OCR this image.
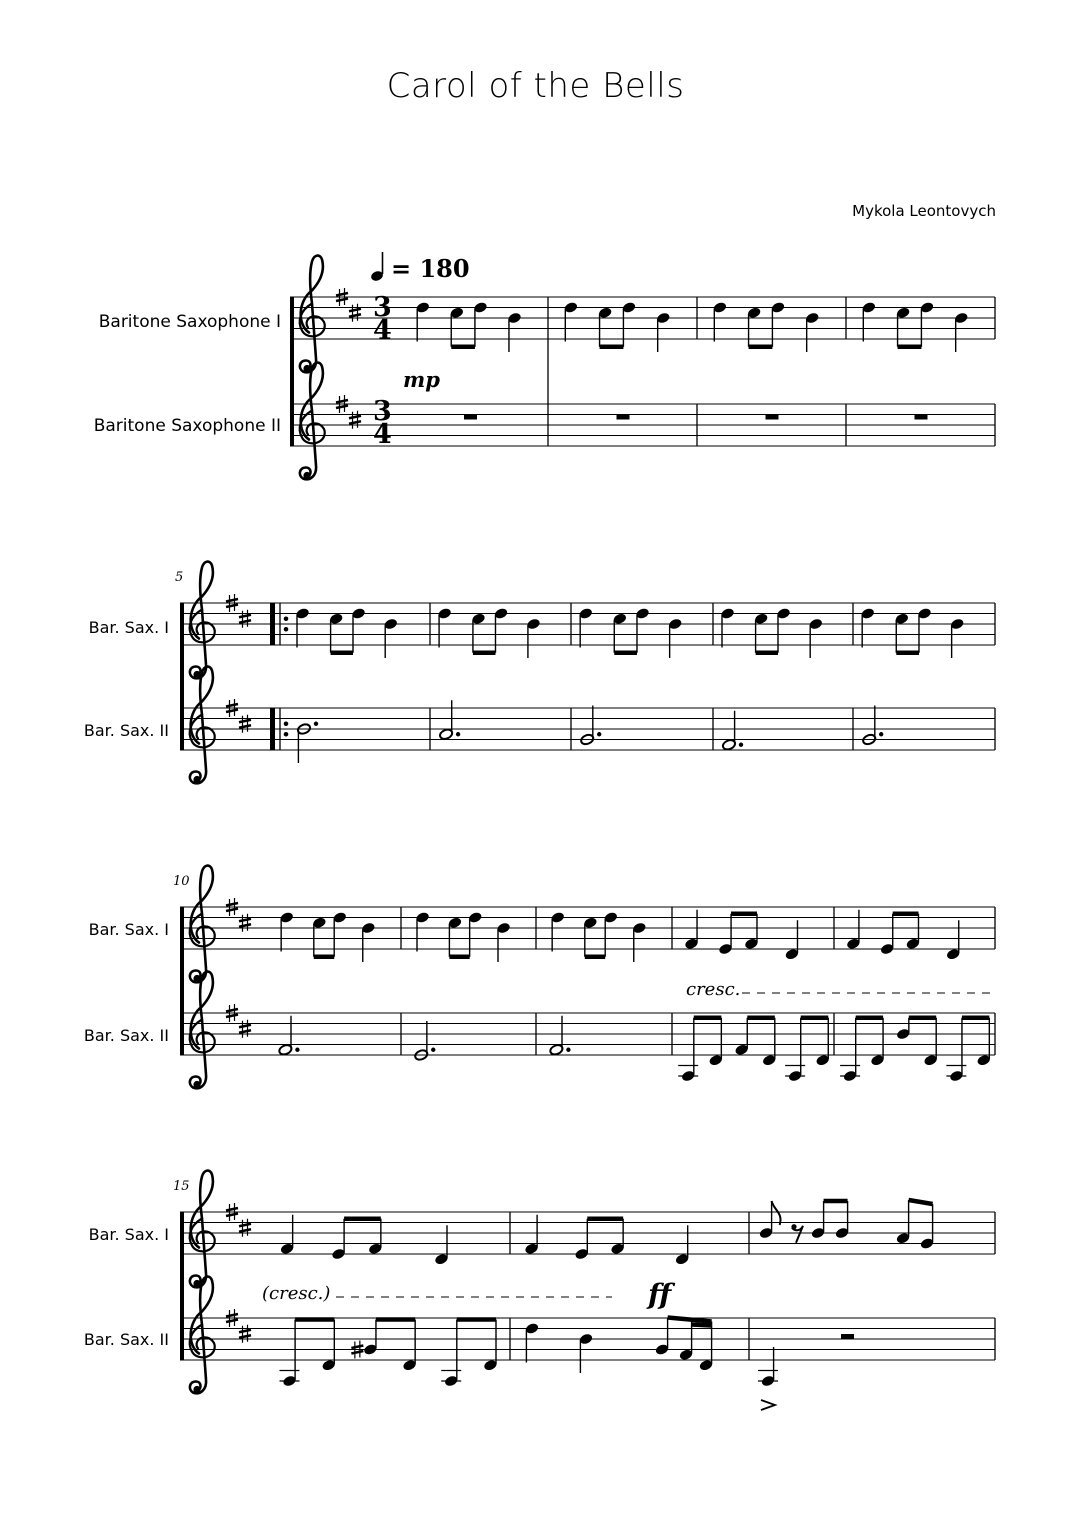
Carol of the Bells
Mykola Leontovych
Baritone Saxophone I
Baritone Saxophone II
Bar. Sax. I
Bar. Sax. II
Bar. Sax. I
Bar. Sax. II
Bar. Sax. I
Bar. Sax. II
5
10
15
= 180
3
4
3
4
mp
cresc.
(cresc.)	ff
